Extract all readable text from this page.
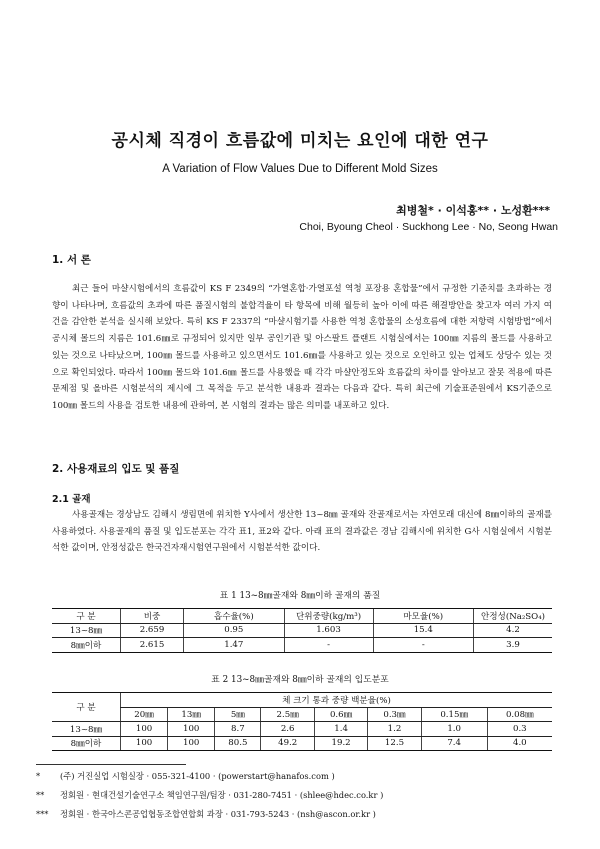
공시체 직경이 흐름값에 미치는 요인에 대한 연구
A Variation of Flow Values Due to Different Mold Sizes
최병철* · 이석홍** · 노성환***
Choi, Byoung Cheol · Suckhong Lee · No, Seong Hwan
1. 서 론

최근 들어 마샬시험에서의 흐름값이 KS F 2349의 “가열혼합·가열포설 역청 포장용 혼합물”에서 규정한 기준치를 초과하는 경향이 나타나며, 흐름값의 초과에 따른 품질시험의 불합격율이 타 항목에 비해 월등히 높아 이에 따른 해결방안을 찾고자 여러 가지 여건을 감안한 분석을 실시해 보았다. 특히 KS F 2337의 “마샬시험기를 사용한 역청 혼합물의 소성흐름에 대한 저항력 시험방법”에서 공시체 몰드의 지름은 101.6㎜로 규정되어 있지만 일부 공인기관 및 아스팔트 플랜트 시험실에서는 100㎜ 지름의 몰드를 사용하고 있는 것으로 나타났으며, 100㎜ 몰드를 사용하고 있으면서도 101.6㎜를 사용하고 있는 것으로 오인하고 있는 업체도 상당수 있는 것으로 확인되었다. 따라서 100㎜ 몰드와 101.6㎜ 몰드를 사용했을 때 각각 마샬안정도와 흐름값의 차이를 알아보고 잘못 적용에 따른 문제점 및 올바른 시험분석의 제시에 그 목적을 두고 분석한 내용과 결과는 다음과 같다. 특히 최근에 기술표준원에서 KS기준으로 100㎜ 몰드의 사용을 검토한 내용에 관하여, 본 시험의 결과는 많은 의미를 내포하고 있다.

2. 사용재료의 입도 및 품질
2.1 골재

사용골재는 경상남도 김해시 생림면에 위치한 Y사에서 생산한 13~8㎜ 골재와 잔골재로서는 자연모래 대신에 8㎜이하의 골재를 사용하였다. 사용골재의 품질 및 입도분포는 각각 표1, 표2와 같다. 아래 표의 결과값은 경남 김해시에 위치한 G사 시험실에서 시험분석한 값이며, 안정성값은 한국건자재시험연구원에서 시험분석한 값이다.

표 1 13~8㎜골재와 8㎜이하 골재의 품질
구 분	비중	흡수율(%)	단위중량(kg/m³)	마모율(%)	안정성(Na₂SO₄)
13~8㎜	2.659	0.95	1.603	15.4	4.2
8㎜이하	2.615	1.47	-	-	3.9
표 2 13~8㎜골재와 8㎜이하 골재의 입도분포
구 분	체 크기 통과 중량 백분율(%)							
	20㎜	13㎜	5㎜	2.5㎜	0.6㎜	0.3㎜	0.15㎜	0.08㎜
13~8㎜	100	100	8.7	2.6	1.4	1.2	1.0	0.3
8㎜이하	100	100	80.5	49.2	19.2	12.5	7.4	4.0
* (주) 거진실업 시험실장 · 055-321-4100 · (powerstart@hanafos.com )
** 정회원 · 현대건설기술연구소 책임연구원/팀장 · 031-280-7451 · (shlee@hdec.co.kr )
*** 정회원 · 한국아스콘공업협동조합연합회 과장 · 031-793-5243 · (nsh@ascon.or.kr )
